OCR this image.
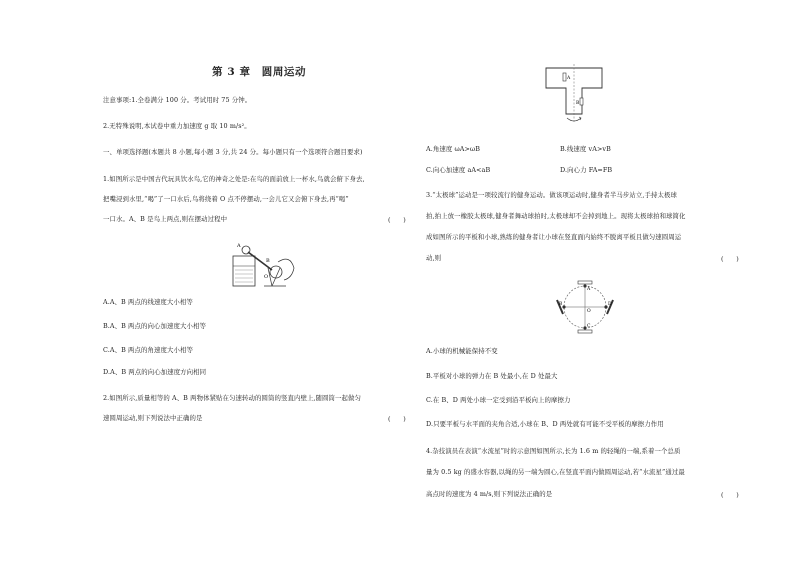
第 3 章　圆周运动
注意事项:1.全卷满分 100 分。考试用时 75 分钟。
2.无特殊说明,本试卷中重力加速度 g 取 10 m/s²。
一、单项选择题(本题共 8 小题,每小题 3 分,共 24 分。每小题只有一个选项符合题目要求)
1.如图所示是中国古代玩具饮水鸟,它的神奇之处是:在鸟的面前放上一杯水,鸟就会俯下身去,
把嘴浸到水里,“喝”了一口水后,鸟将绕着 O 点不停摆动,一会儿它又会俯下身去,再“喝”
一口水。A、B 是鸟上两点,则在摆动过程中	(　　)
A
B
O
A.A、B 两点的线速度大小相等
B.A、B 两点的向心加速度大小相等
C.A、B 两点的角速度大小相等
D.A、B 两点的向心加速度方向相同
2.如图所示,质量相等的 A、B 两物体紧贴在匀速转动的圆筒的竖直内壁上,随圆筒一起做匀
速圆周运动,则下列说法中正确的是	(　　)
A
B
A.角速度 ωA>ωB	B.线速度 vA>vB
C.向心加速度 aA<aB	D.向心力 FA=FB
3.“太极球”运动是一项较流行的健身运动。做该项运动时,健身者半马步站立,手持太极球
拍,拍上放一橡胶太极球,健身者舞动球拍时,太极球却不会掉到地上。现将太极球拍和球简化
成如图所示的平板和小球,熟练的健身者让小球在竖直面内始终不脱离平板且做匀速圆周运
动,则	(　　)
A
B
C
D
O
A.小球的机械能保持不变
B.平板对小球的弹力在 B 处最小,在 D 处最大
C.在 B、D 两处小球一定受到沿平板向上的摩擦力
D.只要平板与水平面的夹角合适,小球在 B、D 两处就有可能不受平板的摩擦力作用
4.杂技演员在表演“水流星”时的示意图如图所示,长为 1.6 m 的轻绳的一端,系着一个总质
量为 0.5 kg 的盛水容器,以绳的另一端为圆心,在竖直平面内做圆周运动,若“水流星”通过最
高点时的速度为 4 m/s,则下列说法正确的是	(　　)
